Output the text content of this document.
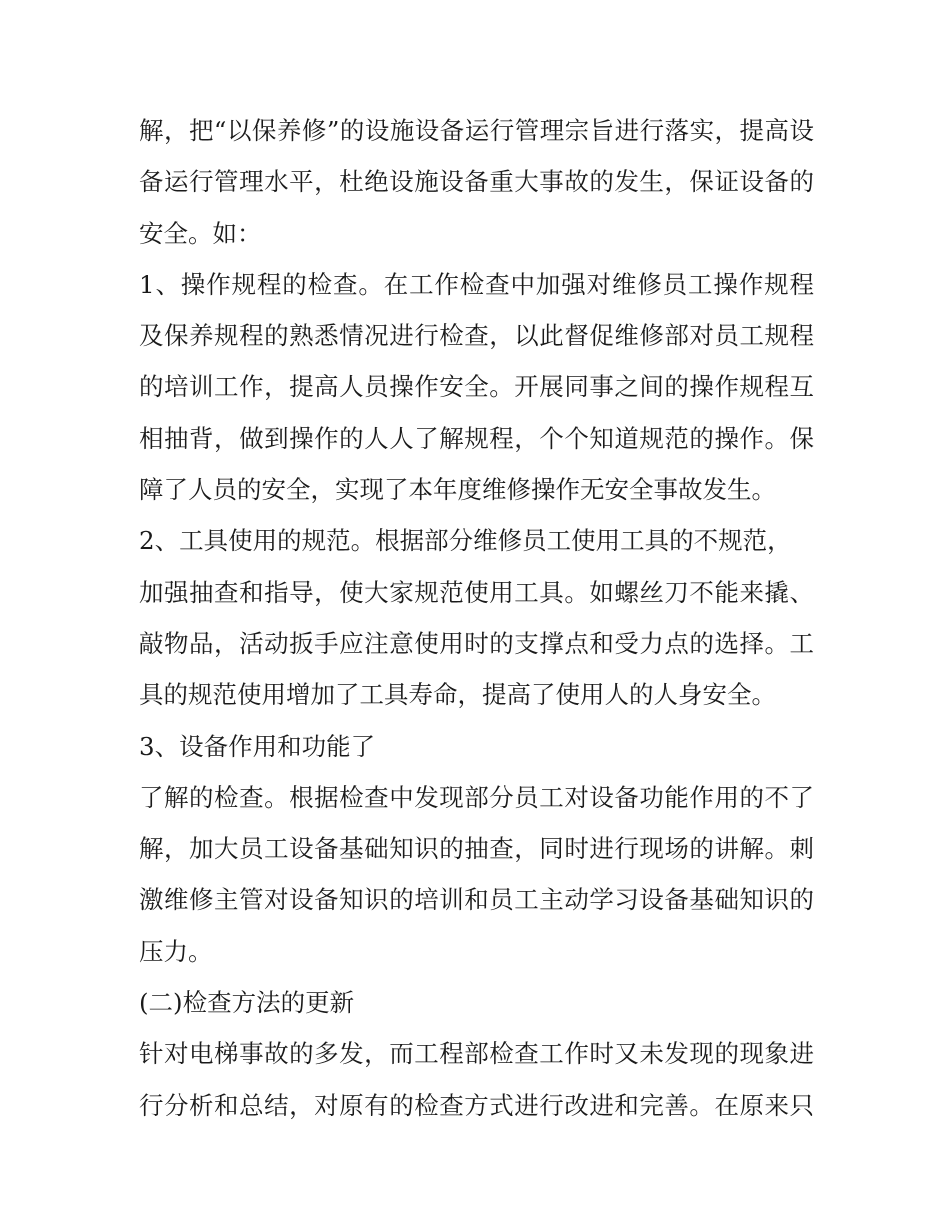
解，把“以保养修”的设施设备运行管理宗旨进行落实，提高设
备运行管理水平，杜绝设施设备重大事故的发生，保证设备的
安全。如：
1、操作规程的检查。在工作检查中加强对维修员工操作规程
及保养规程的熟悉情况进行检查，以此督促维修部对员工规程
的培训工作，提高人员操作安全。开展同事之间的操作规程互
相抽背，做到操作的人人了解规程，个个知道规范的操作。保
障了人员的安全，实现了本年度维修操作无安全事故发生。
2、工具使用的规范。根据部分维修员工使用工具的不规范，
加强抽查和指导，使大家规范使用工具。如螺丝刀不能来撬、
敲物品，活动扳手应注意使用时的支撑点和受力点的选择。工
具的规范使用增加了工具寿命，提高了使用人的人身安全。
3、设备作用和功能了
了解的检查。根据检查中发现部分员工对设备功能作用的不了
解，加大员工设备基础知识的抽查，同时进行现场的讲解。刺
激维修主管对设备知识的培训和员工主动学习设备基础知识的
压力。
(二)检查方法的更新
针对电梯事故的多发，而工程部检查工作时又未发现的现象进
行分析和总结，对原有的检查方式进行改进和完善。在原来只
